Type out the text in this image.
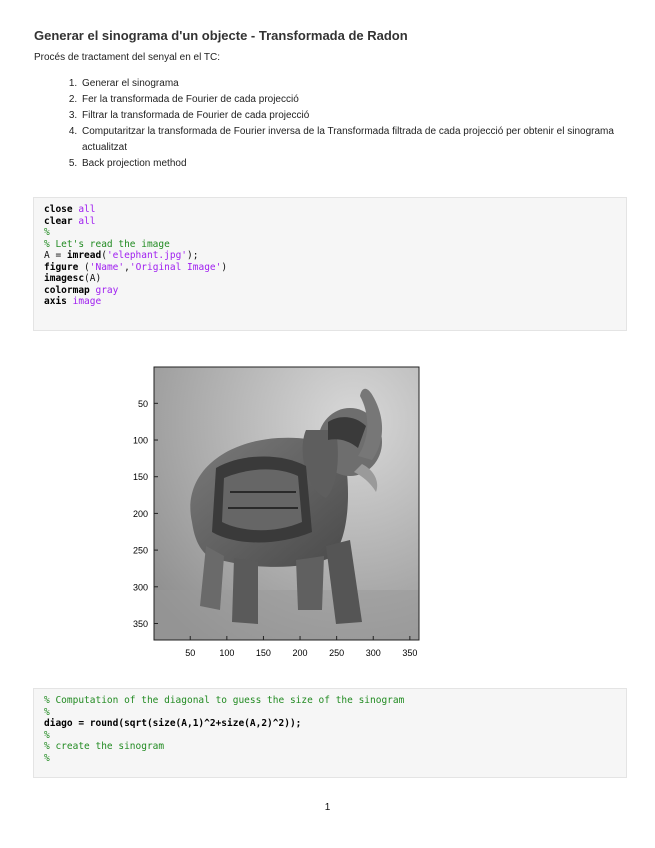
Generar el sinograma d'un objecte - Transformada de Radon
Procés de tractament del senyal en el TC:
1. Generar el sinograma
2. Fer la transformada de Fourier de cada projecció
3. Filtrar la transformada de Fourier de cada projecció
4. Computaritzar la transformada de Fourier inversa de la Transformada filtrada de cada projecció per obtenir el sinograma actualitzat
5. Back projection method
close all
clear all
%
% Let's read the image
A = imread('elephant.jpg');
figure ('Name','Original Image')
imagesc(A)
colormap gray
axis image
50
100
150
200
250
300
350
50	100 150 200 250 300 350
% Computation of the diagonal to guess the size of the sinogram
%
diago = round(sqrt(size(A,1)^2+size(A,2)^2));
%
% create the sinogram
%
1
